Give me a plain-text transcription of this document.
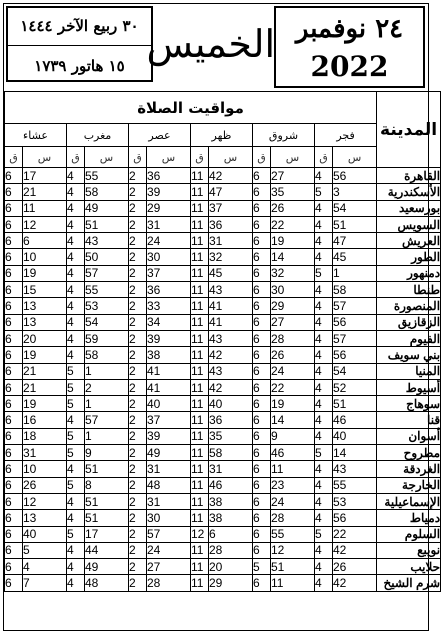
٣٠ ربيع الآخر ١٤٤٤
١٥ هاتور ١٧٣٩ الخميس ٢٤ نوفمبر
2022
مواقيت الصلاة												المدينة
عشاء		مغرب		عصر		ظهر		شروق		فجر		
ق	س	ق	س	ق	س	ق	س	ق	س	ق	س	
6	17	4	55	2	36	11	42	6	27	4	56	القاهرة
6	21	4	58	2	39	11	47	6	35	5	3	الأسكندرية
6	11	4	49	2	29	11	37	6	26	4	54	بورسعيد
6	12	4	51	2	31	11	36	6	22	4	51	السويس
6	6	4	43	2	24	11	31	6	19	4	47	العريش
6	10	4	50	2	30	11	32	6	14	4	45	الطور
6	19	4	57	2	37	11	45	6	32	5	1	دمنهور
6	15	4	55	2	36	11	43	6	30	4	58	طنطا
6	13	4	53	2	33	11	41	6	29	4	57	المنصورة
6	13	4	54	2	34	11	41	6	27	4	56	الزقازيق
6	20	4	59	2	39	11	43	6	28	4	57	الفيوم
6	19	4	58	2	38	11	42	6	26	4	56	بني سويف
6	21	5	1	2	41	11	43	6	24	4	54	المنيا
6	21	5	2	2	41	11	42	6	22	4	52	أسيوط
6	19	5	1	2	40	11	40	6	19	4	51	سوهاج
6	16	4	57	2	37	11	36	6	14	4	46	قنا
6	18	5	1	2	39	11	35	6	9	4	40	أسوان
6	31	5	9	2	49	11	58	6	46	5	14	مطروح
6	10	4	51	2	31	11	31	6	11	4	43	الغردقة
6	26	5	8	2	48	11	46	6	23	4	55	الخارجة
6	12	4	51	2	31	11	38	6	24	4	53	الإسماعيلية
6	13	4	51	2	30	11	38	6	28	4	56	دمياط
6	40	5	17	2	57	12	6	6	55	5	22	السلوم
6	5	4	44	2	24	11	28	6	12	4	42	نويبع
6	4	4	49	2	27	11	20	5	51	4	26	حلايب
6	7	4	48	2	28	11	29	6	11	4	42	شرم الشيخ
